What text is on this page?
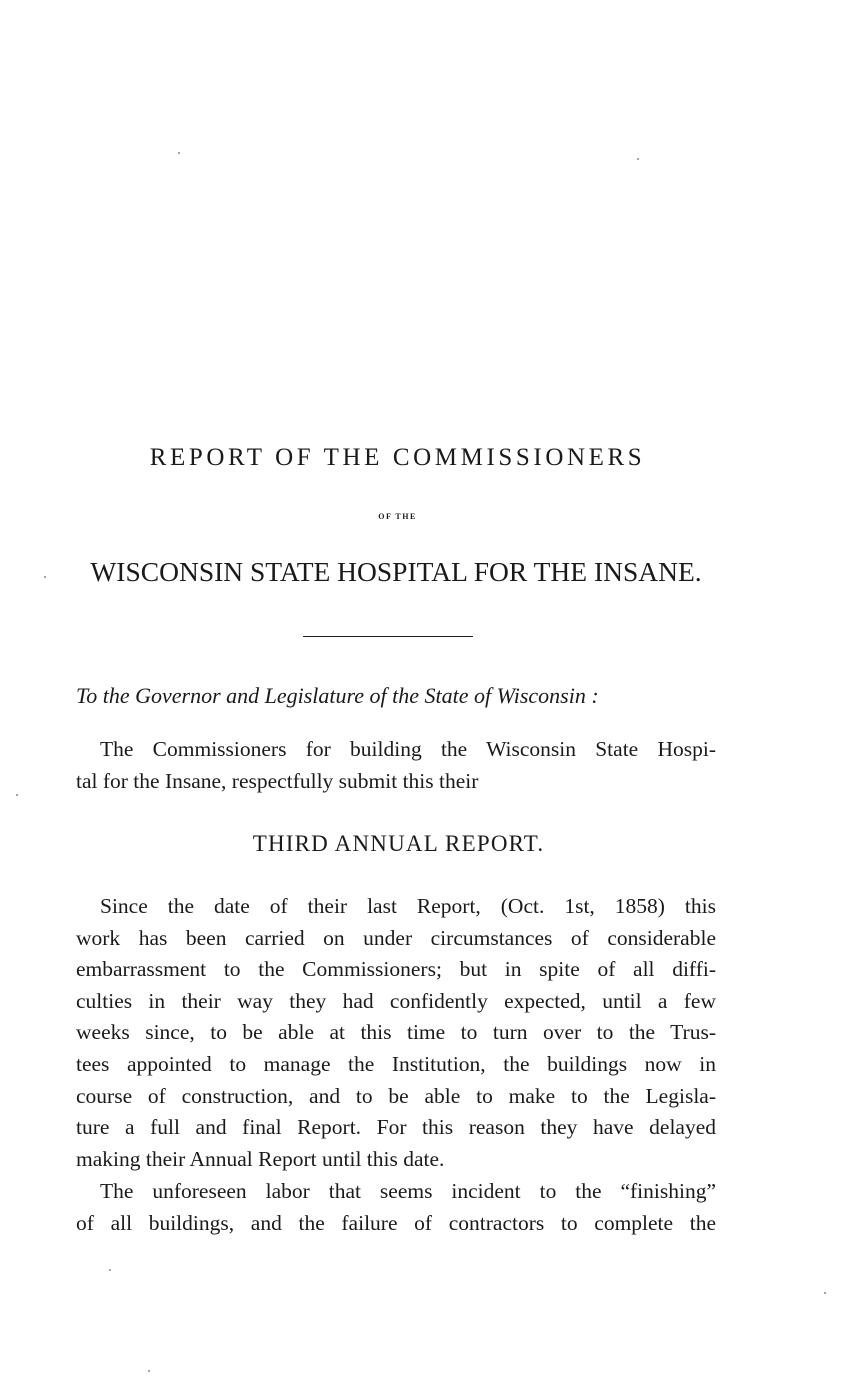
REPORT OF THE COMMISSIONERS
OF THE
WISCONSIN STATE HOSPITAL FOR THE INSANE.

To the Governor and Legislature of the State of Wisconsin :

The Commissioners for building the Wisconsin State Hospi-
tal for the Insane, respectfully submit this their

THIRD ANNUAL REPORT.

Since the date of their last Report, (Oct. 1st, 1858) this
work has been carried on under circumstances of considerable
embarrassment to the Commissioners; but in spite of all diffi-
culties in their way they had confidently expected, until a few
weeks since, to be able at this time to turn over to the Trus-
tees appointed to manage the Institution, the buildings now in
course of construction, and to be able to make to the Legisla-
ture a full and final Report. For this reason they have delayed
making their Annual Report until this date.

The unforeseen labor that seems incident to the “finishing”
of all buildings, and the failure of contractors to complete the
